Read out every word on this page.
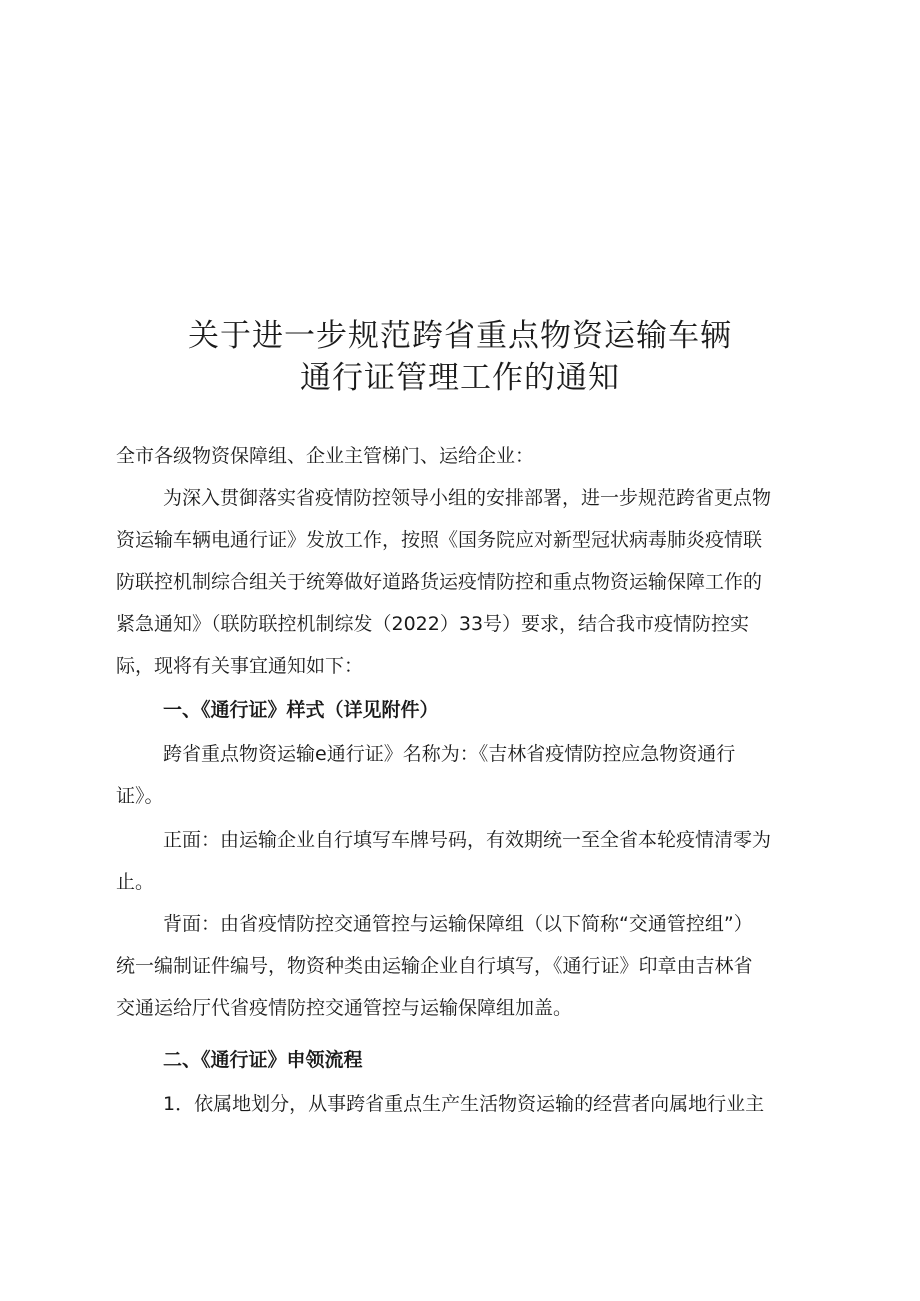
关于进一步规范跨省重点物资运输车辆
通行证管理工作的通知
全市各级物资保障组、企业主管梯门、运给企业：
为深入贯御落实省疫情防控领导小组的安排部署，进一步规范跨省更点物
资运输车辆电通行证》发放工作，按照《国务院应对新型冠状病毒肺炎疫情联
防联控机制综合组关于统筹做好道路货运疫情防控和重点物资运输保障工作的
紧急通知》（联防联控机制综发（2022）33号）要求，结合我市疫情防控实
际，现将有关事宜通知如下：
一、《通行证》样式（详见附件）
跨省重点物资运输e通行证》名称为：《吉林省疫情防控应急物资通行
证》。
正面：由运输企业自行填写车牌号码，有效期统一至全省本轮疫情清零为
止。
背面：由省疫情防控交通管控与运输保障组（以下简称“交通管控组”）
统一编制证件编号，物资种类由运输企业自行填写，《通行证》印章由吉林省
交通运给厅代省疫情防控交通管控与运输保障组加盖。
二、《通行证》申领流程
1．依属地划分，从事跨省重点生产生活物资运输的经营者向属地行业主
